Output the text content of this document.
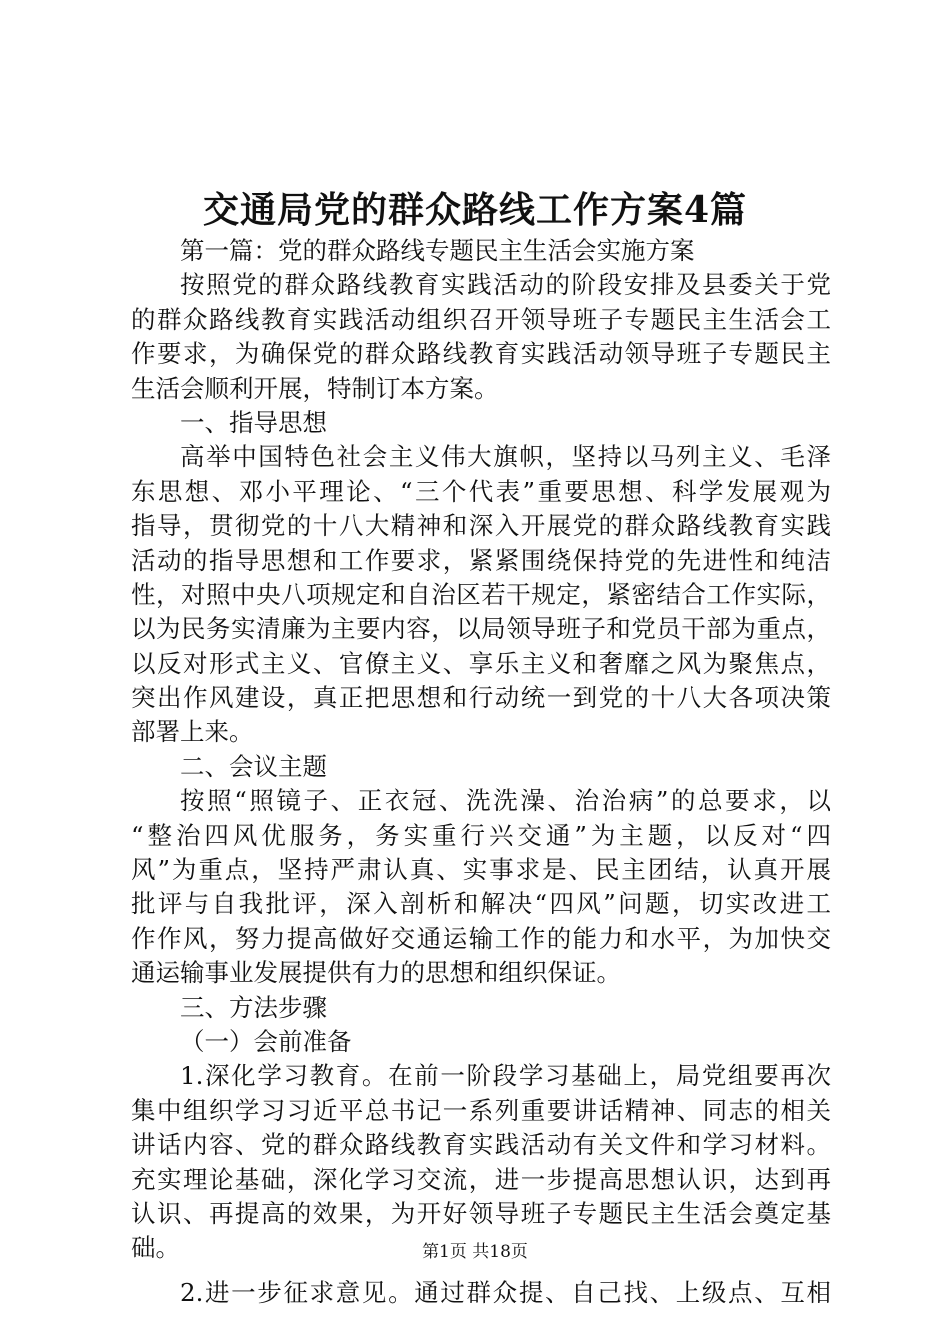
交通局党的群众路线工作方案4篇
第一篇：党的群众路线专题民主生活会实施方案
按照党的群众路线教育实践活动的阶段安排及县委关于党
的群众路线教育实践活动组织召开领导班子专题民主生活会工
作要求，为确保党的群众路线教育实践活动领导班子专题民主
生活会顺利开展，特制订本方案。
一、指导思想
高举中国特色社会主义伟大旗帜，坚持以马列主义、毛泽
东思想、邓小平理论、“三个代表”重要思想、科学发展观为
指导，贯彻党的十八大精神和深入开展党的群众路线教育实践
活动的指导思想和工作要求，紧紧围绕保持党的先进性和纯洁
性，对照中央八项规定和自治区若干规定，紧密结合工作实际，
以为民务实清廉为主要内容，以局领导班子和党员干部为重点，
以反对形式主义、官僚主义、享乐主义和奢靡之风为聚焦点，
突出作风建设，真正把思想和行动统一到党的十八大各项决策
部署上来。
二、会议主题
按照“照镜子、正衣冠、洗洗澡、治治病”的总要求，以
“整治四风优服务，务实重行兴交通”为主题，以反对“四
风”为重点，坚持严肃认真、实事求是、民主团结，认真开展
批评与自我批评，深入剖析和解决“四风”问题，切实改进工
作作风，努力提高做好交通运输工作的能力和水平，为加快交
通运输事业发展提供有力的思想和组织保证。
三、方法步骤
（一）会前准备
1.深化学习教育。在前一阶段学习基础上，局党组要再次
集中组织学习习近平总书记一系列重要讲话精神、同志的相关
讲话内容、党的群众路线教育实践活动有关文件和学习材料。
充实理论基础，深化学习交流，进一步提高思想认识，达到再
认识、再提高的效果，为开好领导班子专题民主生活会奠定基
础。
2.进一步征求意见。通过群众提、自己找、上级点、互相
第1页 共18页
